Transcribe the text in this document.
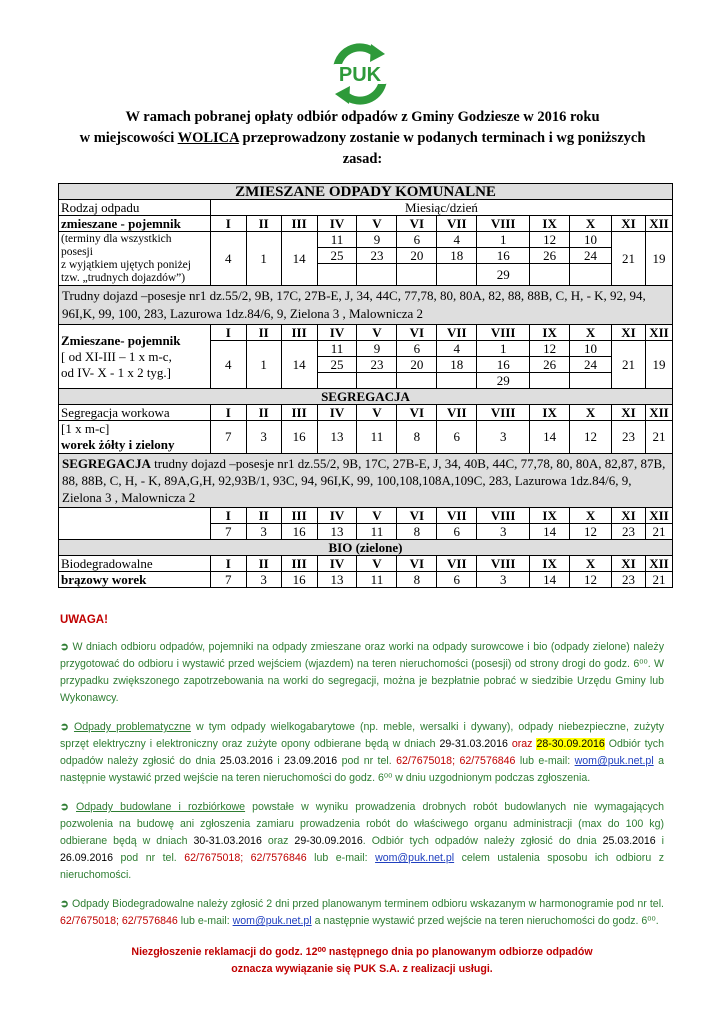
PUK
W ramach pobranej opłaty odbiór odpadów z Gminy Godziesze w 2016 roku
w miejscowości WOLICA przeprowadzony zostanie w podanych terminach i wg poniższych
zasad:
ZMIESZANE ODPADY KOMUNALNE												
Rodzaj odpadu	Miesiąc/dzień											
zmieszane - pojemnik	I	II	III	IV	V	VI	VII	VIII	IX	X	XI	XII

(terminy dla wszystkich
posesji
z wyjątkiem ujętych poniżej
tzw. „trudnych dojazdów”)	4	1	14	11	9	6	4	1	12	10	21	19
				25	23	20	18	16	26	24		
								29				
Trudny dojazd –posesje nr1 dz.55/2, 9B, 17C, 27B-E, J, 34, 44C, 77,78, 80, 80A, 82, 88, 88B, C, H, - K, 92, 94, 96I,K, 99, 100, 283, Lazurowa 1dz.84/6, 9, Zielona 3 , Malownicza 2												

Zmieszane- pojemnik
[ od XI-III – 1 x m-c,
od IV- X - 1 x 2 tyg.]	I	II	III	IV	V	VI	VII	VIII	IX	X	XI	XII
	4	1	14	11	9	6	4	1	12	10	21	19
				25	23	20	18	16	26	24		
								29				
SEGREGACJA												
Segregacja workowa	I	II	III	IV	V	VI	VII	VIII	IX	X	XI	XII

[1 x m-c]
worek żółty i zielony	7	3	16	13	11	8	6	3	14	12	23	21
SEGREGACJA trudny dojazd –posesje nr1 dz.55/2, 9B, 17C, 27B-E, J, 34, 40B, 44C, 77,78, 80, 80A, 82,87, 87B, 88, 88B, C, H, - K, 89A,G,H, 92,93B/1, 93C, 94, 96I,K, 99, 100,108,108A,109C, 283, Lazurowa 1dz.84/6, 9, Zielona 3 , Malownicza 2												
	I	II	III	IV	V	VI	VII	VIII	IX	X	XI	XII
	7	3	16	13	11	8	6	3	14	12	23	21
BIO (zielone)												
Biodegradowalne	I	II	III	IV	V	VI	VII	VIII	IX	X	XI	XII
brązowy worek	7	3	16	13	11	8	6	3	14	12	23	21
UWAGA!

➲ W dniach odbioru odpadów, pojemniki na odpady zmieszane oraz worki na odpady surowcowe i bio (odpady zielone) należy przygotować do odbioru i wystawić przed wejściem (wjazdem) na teren nieruchomości (posesji) od strony drogi do godz. 6⁰⁰. W przypadku zwiększonego zapotrzebowania na worki do segregacji, można je bezpłatnie pobrać w siedzibie Urzędu Gminy lub Wykonawcy.

➲ Odpady problematyczne w tym odpady wielkogabarytowe (np. meble, wersalki i dywany), odpady niebezpieczne, zużyty sprzęt elektryczny i elektroniczny oraz zużyte opony odbierane będą w dniach 29-31.03.2016 oraz 28-30.09.2016 Odbiór tych odpadów należy zgłosić do dnia 25.03.2016 i 23.09.2016 pod nr tel. 62/7675018; 62/7576846 lub e-mail: wom@puk.net.pl a następnie wystawić przed wejście na teren nieruchomości do godz. 6⁰⁰ w dniu uzgodnionym podczas zgłoszenia.

➲ Odpady budowlane i rozbiórkowe powstałe w wyniku prowadzenia drobnych robót budowlanych nie wymagających pozwolenia na budowę ani zgłoszenia zamiaru prowadzenia robót do właściwego organu administracji (max do 100 kg) odbierane będą w dniach 30-31.03.2016 oraz 29-30.09.2016. Odbiór tych odpadów należy zgłosić do dnia 25.03.2016 i 26.09.2016 pod nr tel. 62/7675018; 62/7576846 lub e-mail: wom@puk.net.pl celem ustalenia sposobu ich odbioru z nieruchomości.

➲ Odpady Biodegradowalne należy zgłosić 2 dni przed planowanym terminem odbioru wskazanym w harmonogramie pod nr tel. 62/7675018; 62/7576846 lub e-mail: wom@puk.net.pl a następnie wystawić przed wejście na teren nieruchomości do godz. 6⁰⁰.

Niezgłoszenie reklamacji do godz. 12⁰⁰ następnego dnia po planowanym odbiorze odpadów
oznacza wywiązanie się PUK S.A. z realizacji usługi.
